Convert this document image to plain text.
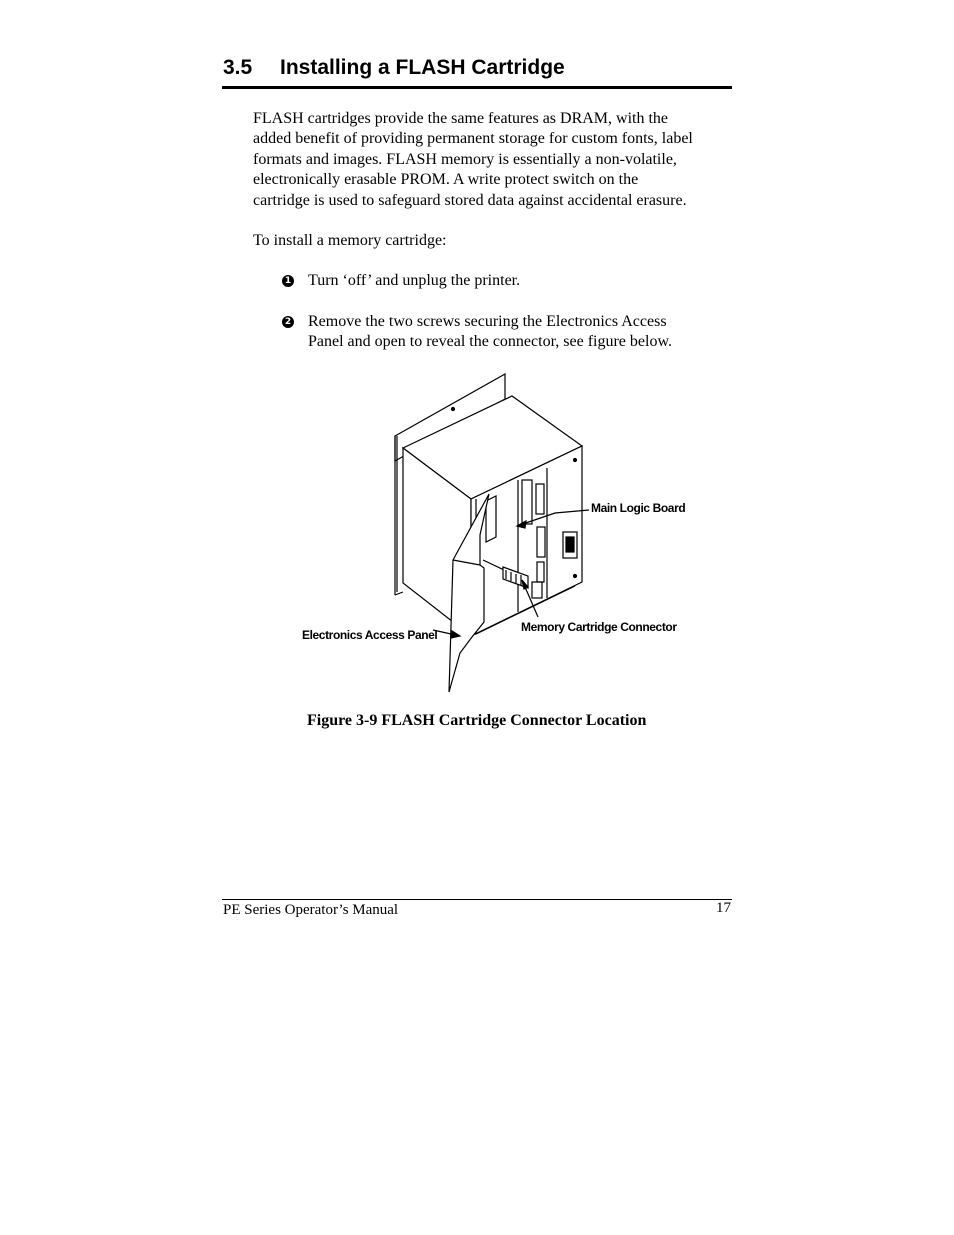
3.5 Installing a FLASH Cartridge
FLASH cartridges provide the same features as DRAM, with the
added benefit of providing permanent storage for custom fonts, label
formats and images. FLASH memory is essentially a non-volatile,
electronically erasable PROM. A write protect switch on the
cartridge is used to safeguard stored data against accidental erasure.
To install a memory cartridge:
1 Turn ‘off’ and unplug the printer.
2 Remove the two screws securing the Electronics Access
Panel and open to reveal the connector, see figure below.
Main Logic Board
Memory Cartridge Connector
Electronics Access Panel
Figure 3-9 FLASH Cartridge Connector Location
PE Series Operator’s Manual	17
